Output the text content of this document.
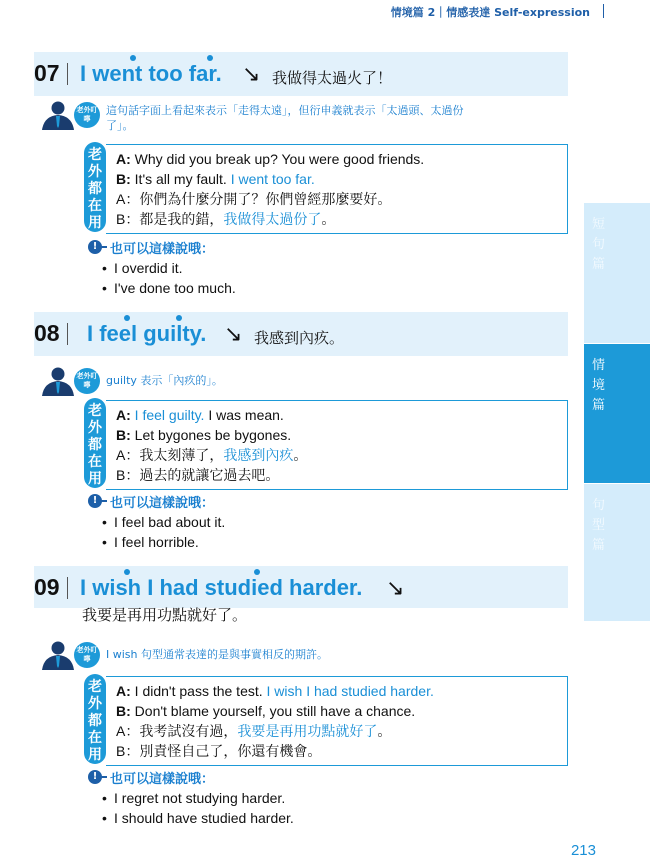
情境篇 2｜情感表達 Self-expression
短
句
篇
情
境
篇
句
型
篇
07 I went too far. ↘ 我做得太過火了！
老外叮嚀
這句話字面上看起來表示「走得太遠」，但衍申義就表示「太過頭、太過份
了」。
老
外
都
在
用
A: Why did you break up? You were good friends.
B: It's all my fault. I went too far.
A：你們為什麼分開了？你們曾經那麼要好。
B：都是我的錯，我做得太過份了。
! 也可以這樣說哦：
• I overdid it.
• I've done too much.
08 I feel guilty. ↘ 我感到內疚。
老外叮嚀	guilty 表示「內疚的」。
老
外
都
在
用
A: I feel guilty. I was mean.
B: Let bygones be bygones.
A：我太刻薄了，我感到內疚。
B：過去的就讓它過去吧。
! 也可以這樣說哦：
• I feel bad about it.
• I feel horrible.
09 I wish I had studied harder. ↘
我要是再用功點就好了。
老外叮嚀	I wish 句型通常表達的是與事實相反的期許。
老
外
都
在
用
A: I didn't pass the test. I wish I had studied harder.
B: Don't blame yourself, you still have a chance.
A：我考試沒有過，我要是再用功點就好了。
B：別責怪自己了，你還有機會。
! 也可以這樣說哦：
• I regret not studying harder.
• I should have studied harder.
213
